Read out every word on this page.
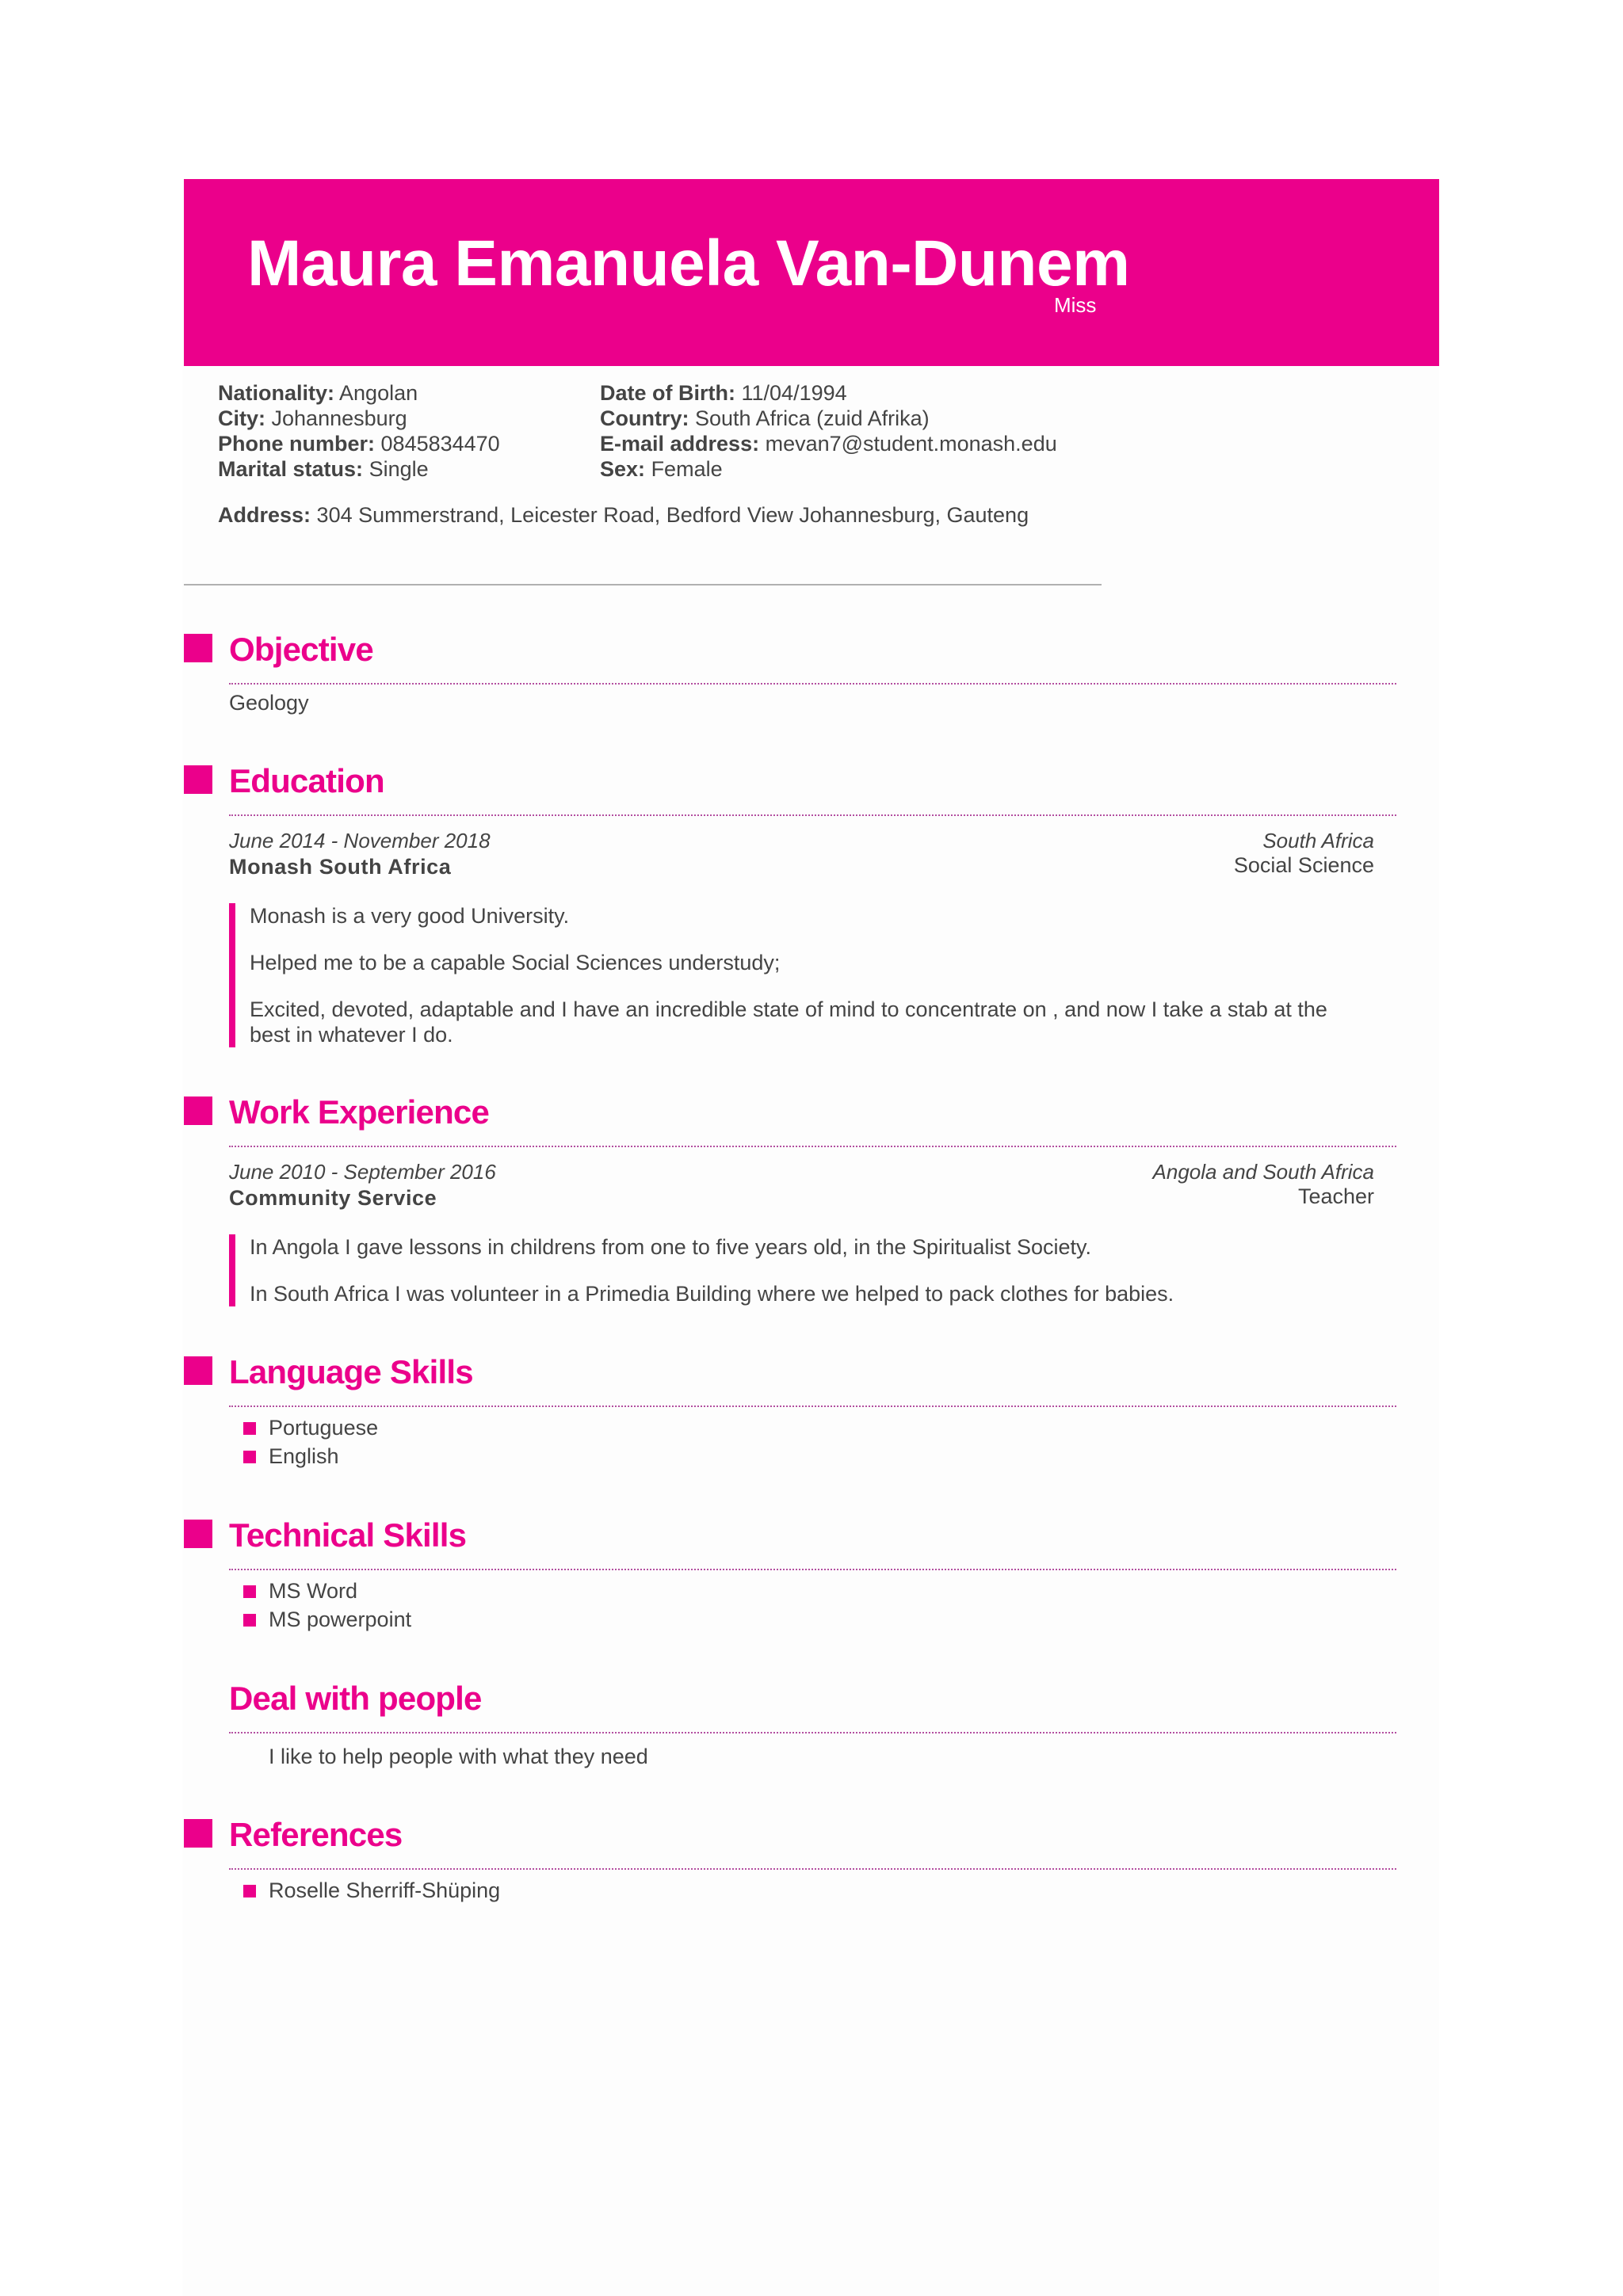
Maura Emanuela Van-Dunem
Miss
Nationality: Angolan
City: Johannesburg
Phone number: 0845834470
Marital status: Single
Date of Birth: 11/04/1994
Country: South Africa (zuid Afrika)
E-mail address: mevan7@student.monash.edu
Sex: Female
Address: 304 Summerstrand, Leicester Road, Bedford View Johannesburg, Gauteng
Objective
Geology
Education
June 2014 - November 2018
Monash South Africa
South Africa
Social Science

Monash is a very good University.

Helped me to be a capable Social Sciences understudy;

Excited, devoted, adaptable and I have an incredible state of mind to concentrate on , and now I take a stab at the best in whatever I do.

Work Experience
June 2010 - September 2016
Community Service
Angola and South Africa
Teacher

In Angola I gave lessons in childrens from one to five years old, in the Spiritualist Society.

In South Africa I was volunteer in a Primedia Building where we helped to pack clothes for babies.

Language Skills
Portuguese
English
Technical Skills
MS Word
MS powerpoint
Deal with people
I like to help people with what they need
References
Roselle Sherriff-Shüping
